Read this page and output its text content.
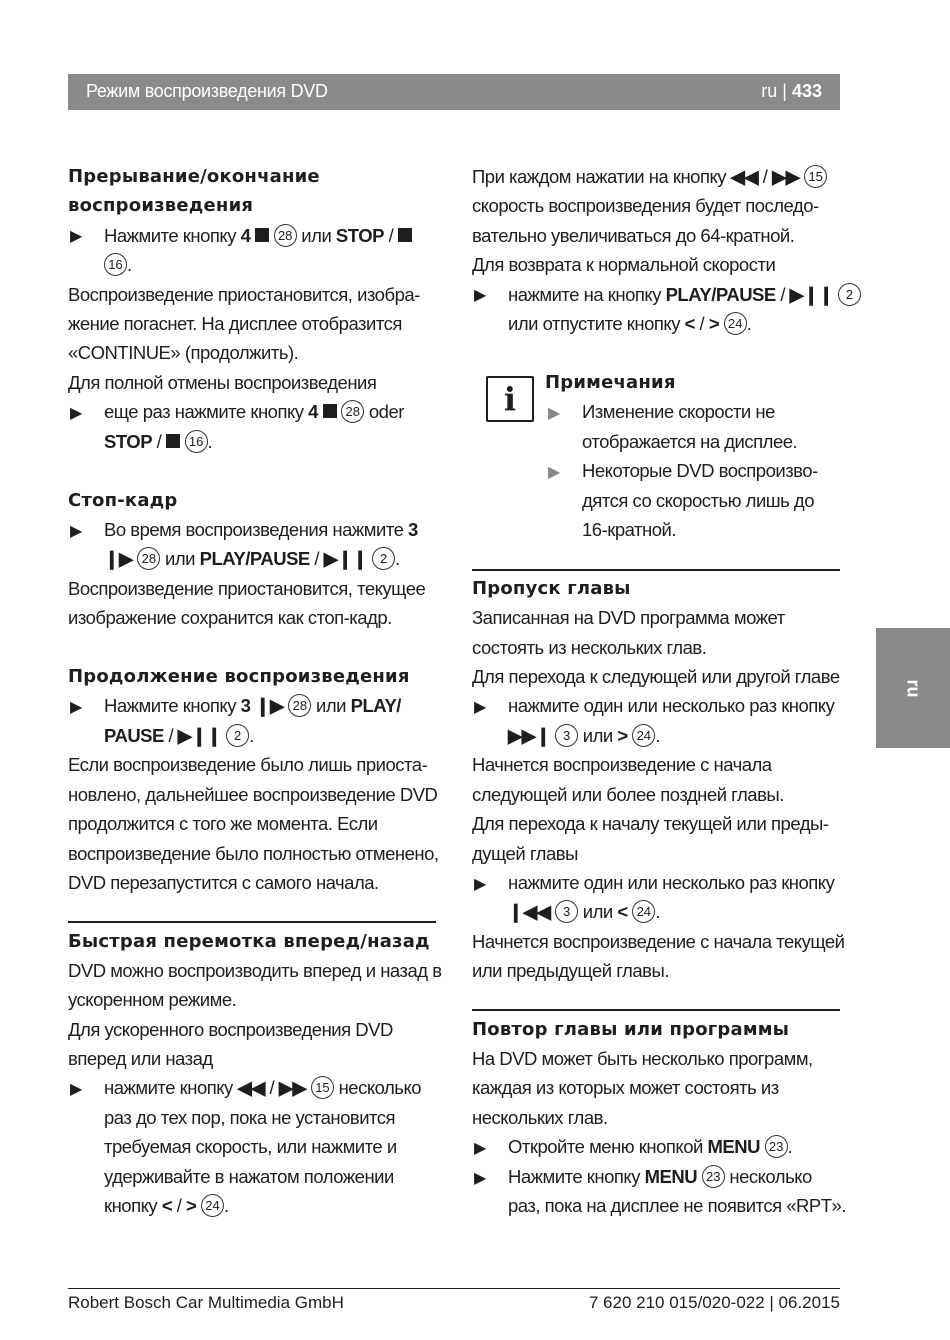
Режим воспроизведения DVD	ru | 433
ru
Прерывание/окончание
воспроизведения
▶ Нажмите кнопку 4 28 или STOP /
16 .
Воспроизведение приостановится, изобра-
жение погаснет. На дисплее отобразится
«CONTINUE» (продолжить).
Для полной отмены воспроизведения
▶ еще раз нажмите кнопку 4 28 oder
STOP /  16 .
Стоп-кадр
▶ Во время воспроизведения нажмите 3
❙▶ 28 или PLAY/PAUSE / ▶❙❙ 2 .
Воспроизведение приостановится, текущее
изображение сохранится как стоп-кадр.
Продолжение воспроизведения
▶ Нажмите кнопку 3 ❙▶ 28 или PLAY/
PAUSE / ▶❙❙ 2 .
Если воспроизведение было лишь приоста-
новлено, дальнейшее воспроизведение DVD
продолжится с того же момента. Если
воспроизведение было полностью отменено,
DVD перезапустится с самого начала.
Быстрая перемотка вперед/назад
DVD можно воспроизводить вперед и назад в
ускоренном режиме.
Для ускоренного воспроизведения DVD
вперед или назад
▶ нажмите кнопку ◀◀ / ▶▶ 15 несколько
раз до тех пор, пока не установится
требуемая скорость, или нажмите и
удерживайте в нажатом положении
кнопку < / > 24 .
При каждом нажатии на кнопку ◀◀ / ▶▶ 15
скорость воспроизведения будет последо-
вательно увеличиваться до 64-кратной.
Для возврата к нормальной скорости
▶ нажмите на кнопку PLAY/PAUSE / ▶❙❙ 2
или отпустите кнопку < / > 24 .
i	Примечания
▶ Изменение скорости не
отображается на дисплее.
▶ Некоторые DVD воспроизво-
дятся со скоростью лишь до
16-кратной.
Пропуск главы
Записанная на DVD программа может
состоять из нескольких глав.
Для перехода к следующей или другой главе
▶ нажмите один или несколько раз кнопку
▶▶❙ 3 или > 24 .
Начнется воспроизведение с начала
следующей или более поздней главы.
Для перехода к началу текущей или преды-
дущей главы
▶ нажмите один или несколько раз кнопку
❙◀◀ 3 или < 24 .
Начнется воспроизведение с начала текущей
или предыдущей главы.
Повтор главы или программы
На DVD может быть несколько программ,
каждая из которых может состоять из
нескольких глав.
▶ Откройте меню кнопкой MENU 23 .
▶ Нажмите кнопку MENU 23 несколько
раз, пока на дисплее не появится «RPT».
Robert Bosch Car Multimedia GmbH	7 620 210 015/020-022 | 06.2015
